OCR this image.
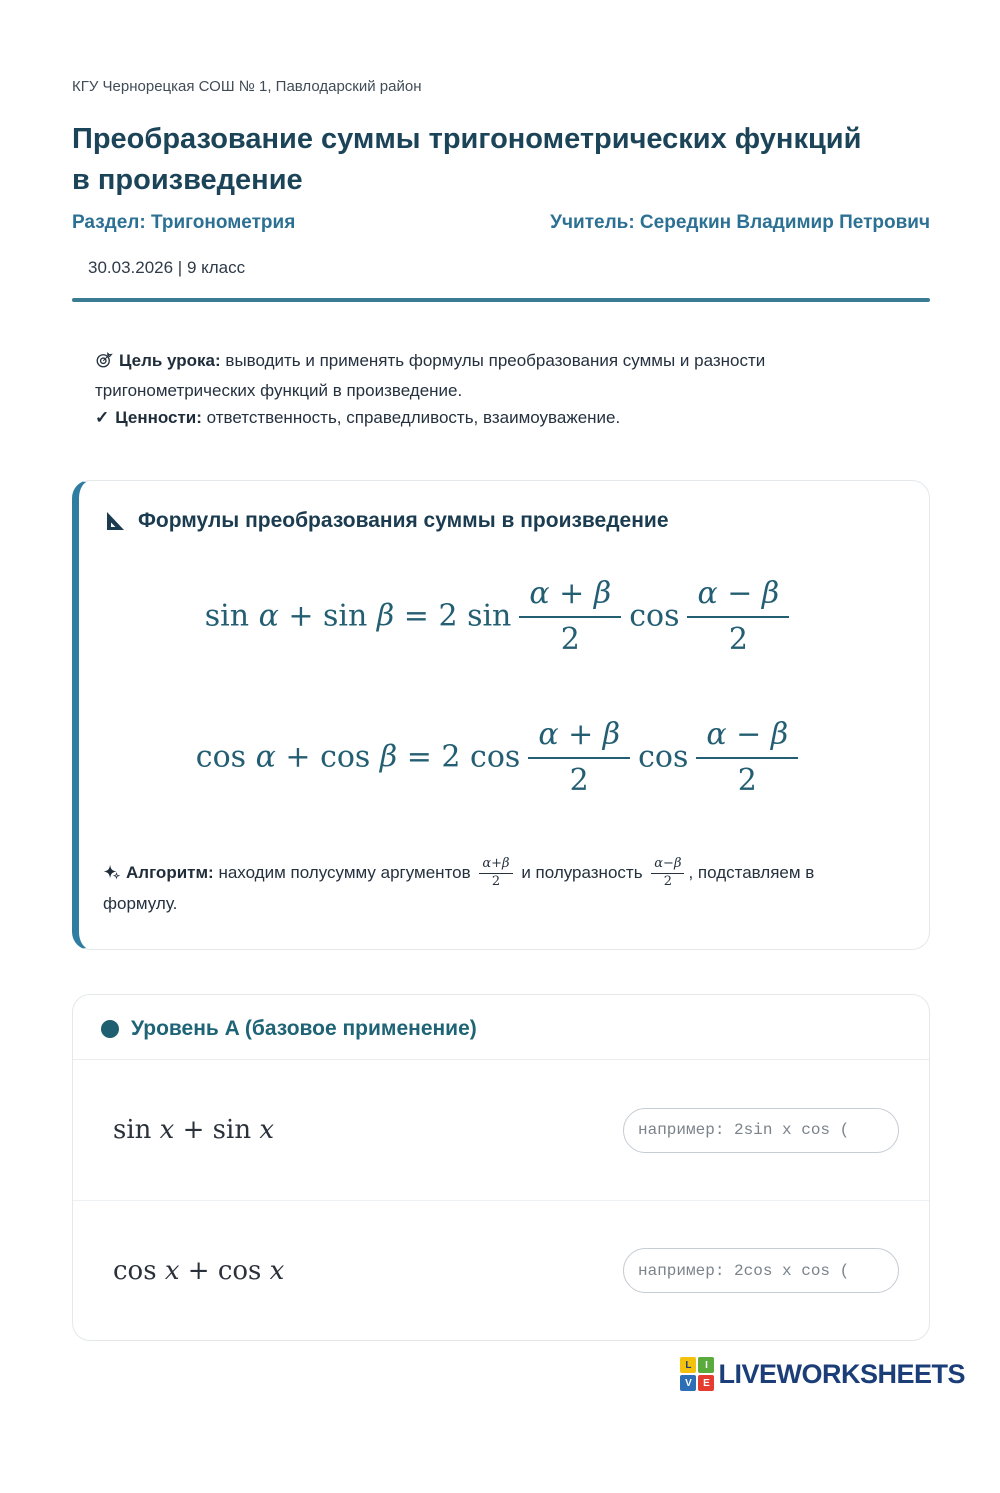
КГУ Чернорецкая СОШ № 1, Павлодарский район
Преобразование суммы тригонометрических функций в произведение
Раздел: Тригонометрия	Учитель: Середкин Владимир Петрович
30.03.2026 | 9 класс
Цель урока: выводить и применять формулы преобразования суммы и разности тригонометрических функций в произведение.
✓ Ценности: ответственность, справедливость, взаимоуважение.
Формулы преобразования суммы в произведение
sin α + sin β = 2 $\sin \frac{\alpha + \beta}{2}$ $\cos \frac{\alpha - \beta}{2}$
cos α + cos β = 2 $\cos \frac{\alpha + \beta}{2}$ $\cos \frac{\alpha - \beta}{2}$
Алгоритм: находим полусумму аргументов $\frac{\alpha+\beta}{2}$ и полуразность $\frac{\alpha-\beta}{2}$ , подставляем в формулу.
Уровень A (базовое применение)
sin x + sin x
например: 2sin x cos (
cos x + cos x
например: 2cos x cos (
L	I
V	E LIVEWORKSHEETS
